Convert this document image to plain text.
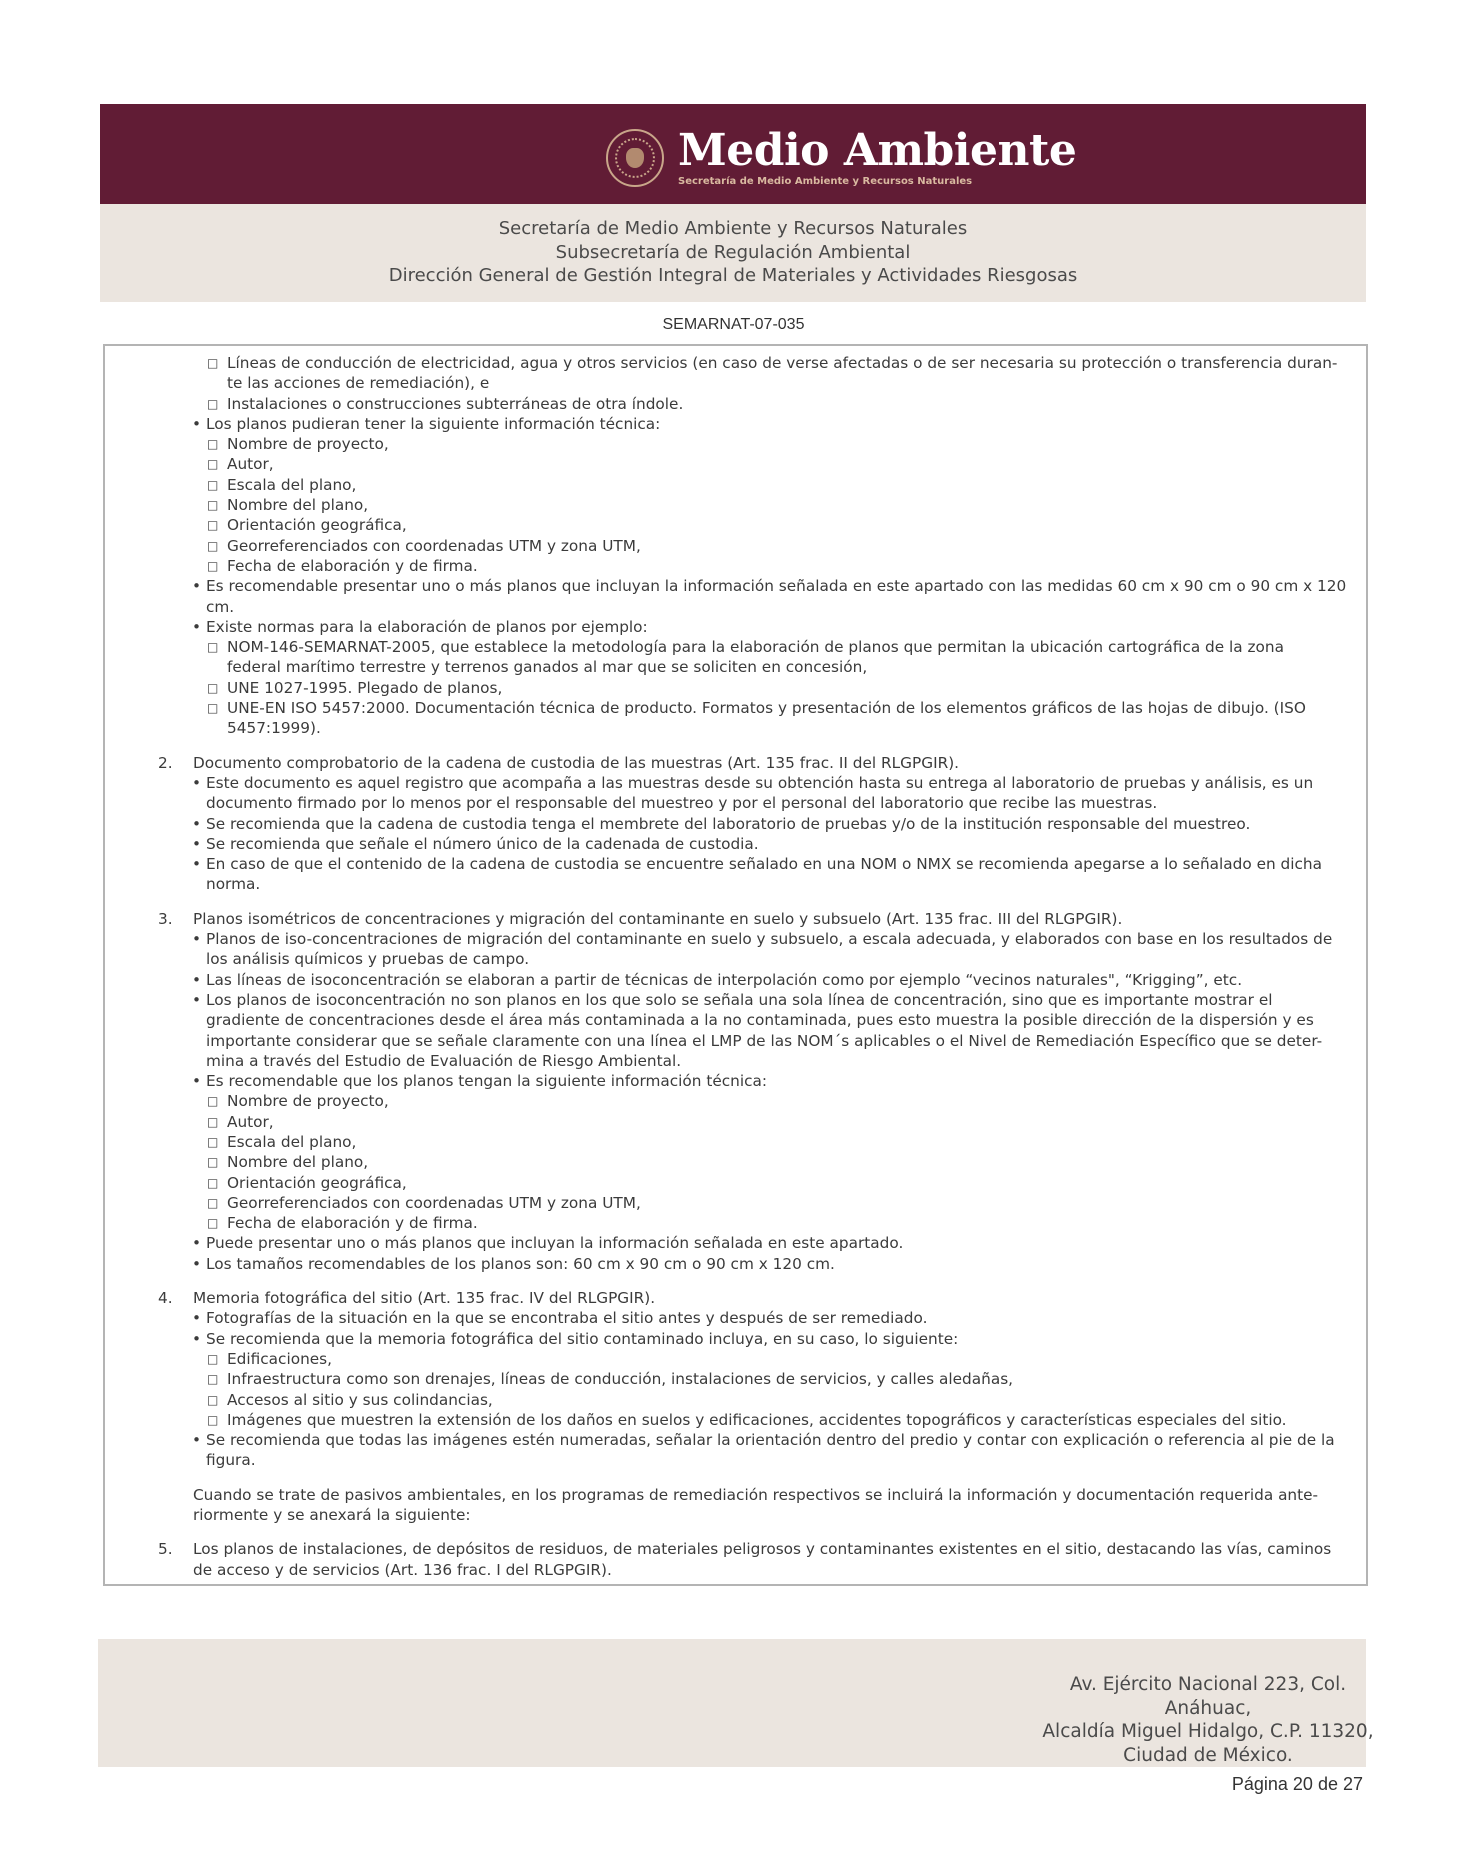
Medio Ambiente
Secretaría de Medio Ambiente y Recursos Naturales
Secretaría de Medio Ambiente y Recursos Naturales
Subsecretaría de Regulación Ambiental
Dirección General de Gestión Integral de Materiales y Actividades Riesgosas
SEMARNAT-07-035
□ Líneas de conducción de electricidad, agua y otros servicios (en caso de verse afectadas o de ser necesaria su protección o transferencia duran-
te las acciones de remediación), e
□ Instalaciones o construcciones subterráneas de otra índole.
• Los planos pudieran tener la siguiente información técnica:
□ Nombre de proyecto,
□ Autor,
□ Escala del plano,
□ Nombre del plano,
□ Orientación geográfica,
□ Georreferenciados con coordenadas UTM y zona UTM,
□ Fecha de elaboración y de firma.
• Es recomendable presentar uno o más planos que incluyan la información señalada en este apartado con las medidas 60 cm x 90 cm o 90 cm x 120
cm.
• Existe normas para la elaboración de planos por ejemplo:
□ NOM-146-SEMARNAT-2005, que establece la metodología para la elaboración de planos que permitan la ubicación cartográfica de la zona
federal marítimo terrestre y terrenos ganados al mar que se soliciten en concesión,
□ UNE 1027-1995. Plegado de planos,
□ UNE-EN ISO 5457:2000. Documentación técnica de producto. Formatos y presentación de los elementos gráficos de las hojas de dibujo. (ISO
5457:1999).
2. Documento comprobatorio de la cadena de custodia de las muestras (Art. 135 frac. II del RLGPGIR).
• Este documento es aquel registro que acompaña a las muestras desde su obtención hasta su entrega al laboratorio de pruebas y análisis, es un
documento firmado por lo menos por el responsable del muestreo y por el personal del laboratorio que recibe las muestras.
• Se recomienda que la cadena de custodia tenga el membrete del laboratorio de pruebas y/o de la institución responsable del muestreo.
• Se recomienda que señale el número único de la cadenada de custodia.
• En caso de que el contenido de la cadena de custodia se encuentre señalado en una NOM o NMX se recomienda apegarse a lo señalado en dicha
norma.
3. Planos isométricos de concentraciones y migración del contaminante en suelo y subsuelo (Art. 135 frac. III del RLGPGIR).
• Planos de iso-concentraciones de migración del contaminante en suelo y subsuelo, a escala adecuada, y elaborados con base en los resultados de
los análisis químicos y pruebas de campo.
• Las líneas de isoconcentración se elaboran a partir de técnicas de interpolación como por ejemplo “vecinos naturales", “Krigging”, etc.
• Los planos de isoconcentración no son planos en los que solo se señala una sola línea de concentración, sino que es importante mostrar el
gradiente de concentraciones desde el área más contaminada a la no contaminada, pues esto muestra la posible dirección de la dispersión y es
importante considerar que se señale claramente con una línea el LMP de las NOM´s aplicables o el Nivel de Remediación Específico que se deter-
mina a través del Estudio de Evaluación de Riesgo Ambiental.
• Es recomendable que los planos tengan la siguiente información técnica:
□ Nombre de proyecto,
□ Autor,
□ Escala del plano,
□ Nombre del plano,
□ Orientación geográfica,
□ Georreferenciados con coordenadas UTM y zona UTM,
□ Fecha de elaboración y de firma.
• Puede presentar uno o más planos que incluyan la información señalada en este apartado.
• Los tamaños recomendables de los planos son: 60 cm x 90 cm o 90 cm x 120 cm.
4. Memoria fotográfica del sitio (Art. 135 frac. IV del RLGPGIR).
• Fotografías de la situación en la que se encontraba el sitio antes y después de ser remediado.
• Se recomienda que la memoria fotográfica del sitio contaminado incluya, en su caso, lo siguiente:
□ Edificaciones,
□ Infraestructura como son drenajes, líneas de conducción, instalaciones de servicios, y calles aledañas,
□ Accesos al sitio y sus colindancias,
□ Imágenes que muestren la extensión de los daños en suelos y edificaciones, accidentes topográficos y características especiales del sitio.
• Se recomienda que todas las imágenes estén numeradas, señalar la orientación dentro del predio y contar con explicación o referencia al pie de la
figura.
Cuando se trate de pasivos ambientales, en los programas de remediación respectivos se incluirá la información y documentación requerida ante-
riormente y se anexará la siguiente:
5. Los planos de instalaciones, de depósitos de residuos, de materiales peligrosos y contaminantes existentes en el sitio, destacando las vías, caminos
de acceso y de servicios (Art. 136 frac. I del RLGPGIR).
Av. Ejército Nacional 223, Col. Anáhuac,
Alcaldía Miguel Hidalgo, C.P. 11320,
Ciudad de México.
Página 20 de 27
